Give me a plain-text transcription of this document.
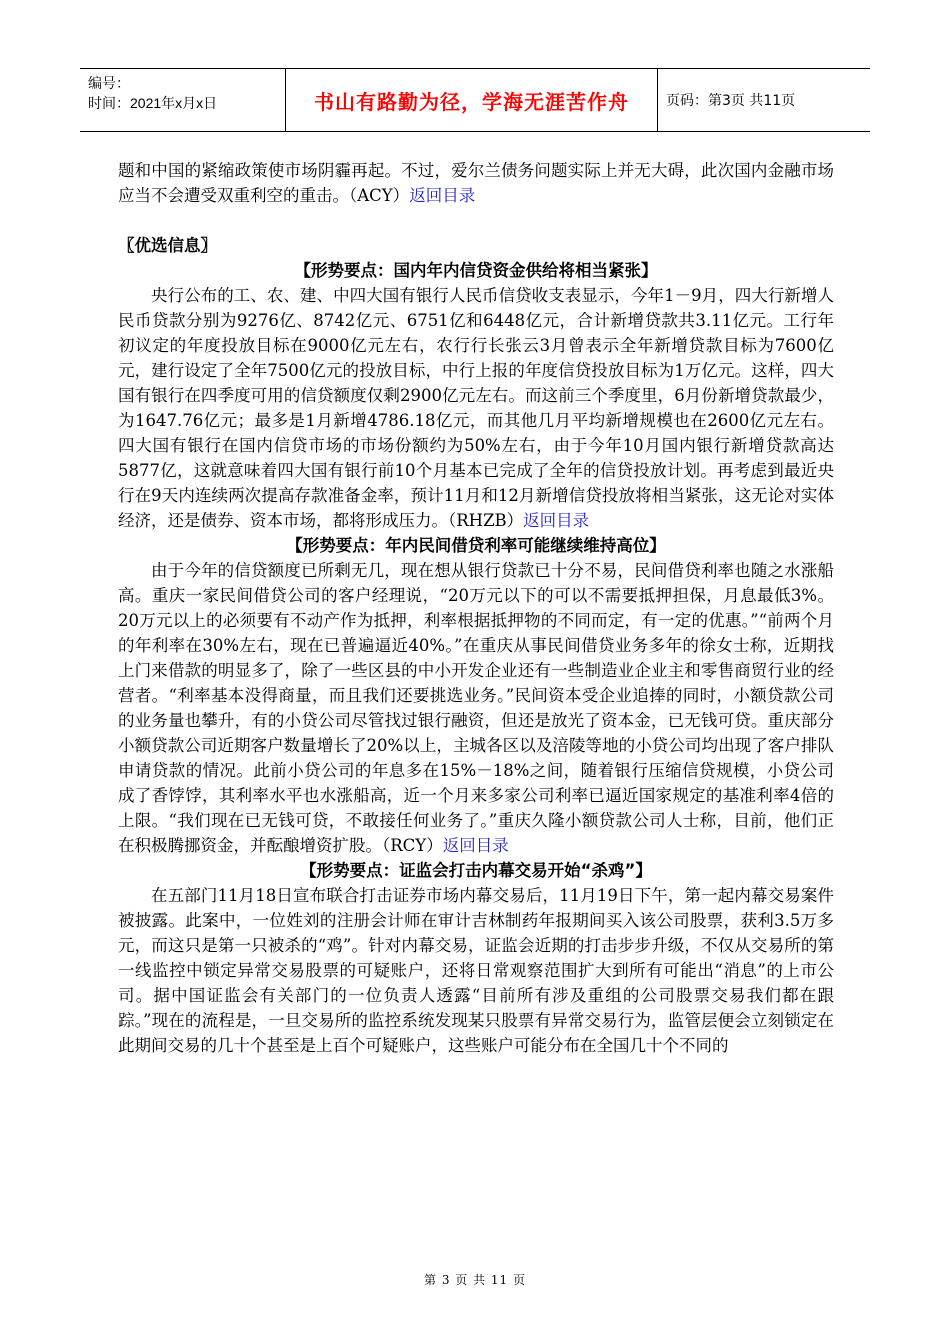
编号：
时间：2021年x月x日	书山有路勤为径，学海无涯苦作舟	页码：第3页 共11页

题和中国的紧缩政策使市场阴霾再起。不过，爱尔兰债务问题实际上并无大碍，此次国内金融市场应当不会遭受双重利空的重击。（ACY）返回目录

〖优选信息〗

【形势要点：国内年内信贷资金供给将相当紧张】

央行公布的工、农、建、中四大国有银行人民币信贷收支表显示，今年1－9月，四大行新增人民币贷款分别为9276亿、8742亿元、6751亿和6448亿元，合计新增贷款共3.11亿元。工行年初议定的年度投放目标在9000亿元左右，农行行长张云3月曾表示全年新增贷款目标为7600亿元，建行设定了全年7500亿元的投放目标，中行上报的年度信贷投放目标为1万亿元。这样，四大国有银行在四季度可用的信贷额度仅剩2900亿元左右。而这前三个季度里，6月份新增贷款最少，为1647.76亿元；最多是1月新增4786.18亿元，而其他几月平均新增规模也在2600亿元左右。四大国有银行在国内信贷市场的市场份额约为50%左右，由于今年10月国内银行新增贷款高达5877亿，这就意味着四大国有银行前10个月基本已完成了全年的信贷投放计划。再考虑到最近央行在9天内连续两次提高存款准备金率，预计11月和12月新增信贷投放将相当紧张，这无论对实体经济，还是债券、资本市场，都将形成压力。（RHZB）返回目录

【形势要点：年内民间借贷利率可能继续维持高位】

由于今年的信贷额度已所剩无几，现在想从银行贷款已十分不易，民间借贷利率也随之水涨船高。重庆一家民间借贷公司的客户经理说，“20万元以下的可以不需要抵押担保，月息最低3%。20万元以上的必须要有不动产作为抵押，利率根据抵押物的不同而定，有一定的优惠。”“前两个月的年利率在30%左右，现在已普遍逼近40%。”在重庆从事民间借贷业务多年的徐女士称，近期找上门来借款的明显多了，除了一些区县的中小开发企业还有一些制造业企业主和零售商贸行业的经营者。“利率基本没得商量，而且我们还要挑选业务。”民间资本受企业追捧的同时，小额贷款公司的业务量也攀升，有的小贷公司尽管找过银行融资，但还是放光了资本金，已无钱可贷。重庆部分小额贷款公司近期客户数量增长了20%以上，主城各区以及涪陵等地的小贷公司均出现了客户排队申请贷款的情况。此前小贷公司的年息多在15%－18%之间，随着银行压缩信贷规模，小贷公司成了香饽饽，其利率水平也水涨船高，近一个月来多家公司利率已逼近国家规定的基准利率4倍的上限。“我们现在已无钱可贷，不敢接任何业务了。”重庆久隆小额贷款公司人士称，目前，他们正在积极腾挪资金，并酝酿增资扩股。（RCY）返回目录

【形势要点：证监会打击内幕交易开始“杀鸡”】

在五部门11月18日宣布联合打击证券市场内幕交易后，11月19日下午，第一起内幕交易案件被披露。此案中，一位姓刘的注册会计师在审计吉林制药年报期间买入该公司股票，获利3.5万多元，而这只是第一只被杀的“鸡”。针对内幕交易，证监会近期的打击步步升级，不仅从交易所的第一线监控中锁定异常交易股票的可疑账户，还将日常观察范围扩大到所有可能出“消息”的上市公司。据中国证监会有关部门的一位负责人透露“目前所有涉及重组的公司股票交易我们都在跟踪。”现在的流程是，一旦交易所的监控系统发现某只股票有异常交易行为，监管层便会立刻锁定在此期间交易的几十个甚至是上百个可疑账户，这些账户可能分布在全国几十个不同的

第 3 页 共 11 页
